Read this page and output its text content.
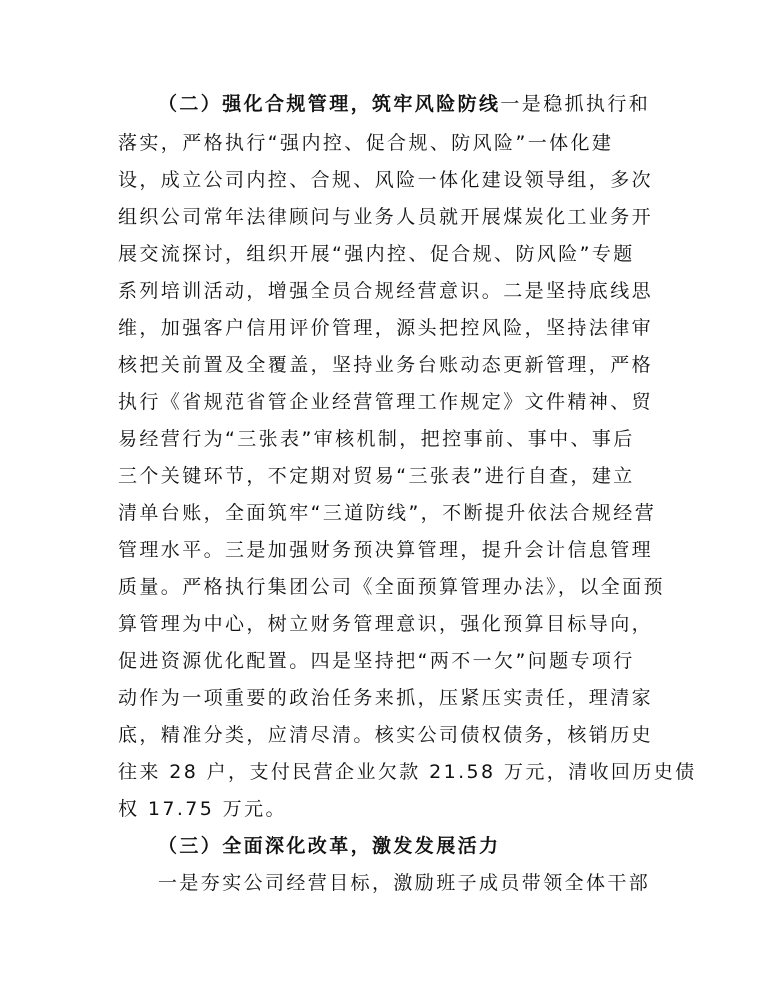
（二）强化合规管理，筑牢风险防线一是稳抓执行和
落实，严格执行“强内控、促合规、防风险”一体化建
设，成立公司内控、合规、风险一体化建设领导组，多次
组织公司常年法律顾问与业务人员就开展煤炭化工业务开
展交流探讨，组织开展“强内控、促合规、防风险”专题
系列培训活动，增强全员合规经营意识。二是坚持底线思
维，加强客户信用评价管理，源头把控风险，坚持法律审
核把关前置及全覆盖，坚持业务台账动态更新管理，严格
执行《省规范省管企业经营管理工作规定》文件精神、贸
易经营行为“三张表”审核机制，把控事前、事中、事后
三个关键环节，不定期对贸易“三张表”进行自查，建立
清单台账，全面筑牢“三道防线”，不断提升依法合规经营
管理水平。三是加强财务预决算管理，提升会计信息管理
质量。严格执行集团公司《全面预算管理办法》，以全面预
算管理为中心，树立财务管理意识，强化预算目标导向，
促进资源优化配置。四是坚持把“两不一欠”问题专项行
动作为一项重要的政治任务来抓，压紧压实责任，理清家
底，精准分类，应清尽清。核实公司债权债务，核销历史
往来 28 户，支付民营企业欠款 21.58 万元，清收回历史债
权 17.75 万元。
（三）全面深化改革，激发发展活力
一是夯实公司经营目标，激励班子成员带领全体干部
